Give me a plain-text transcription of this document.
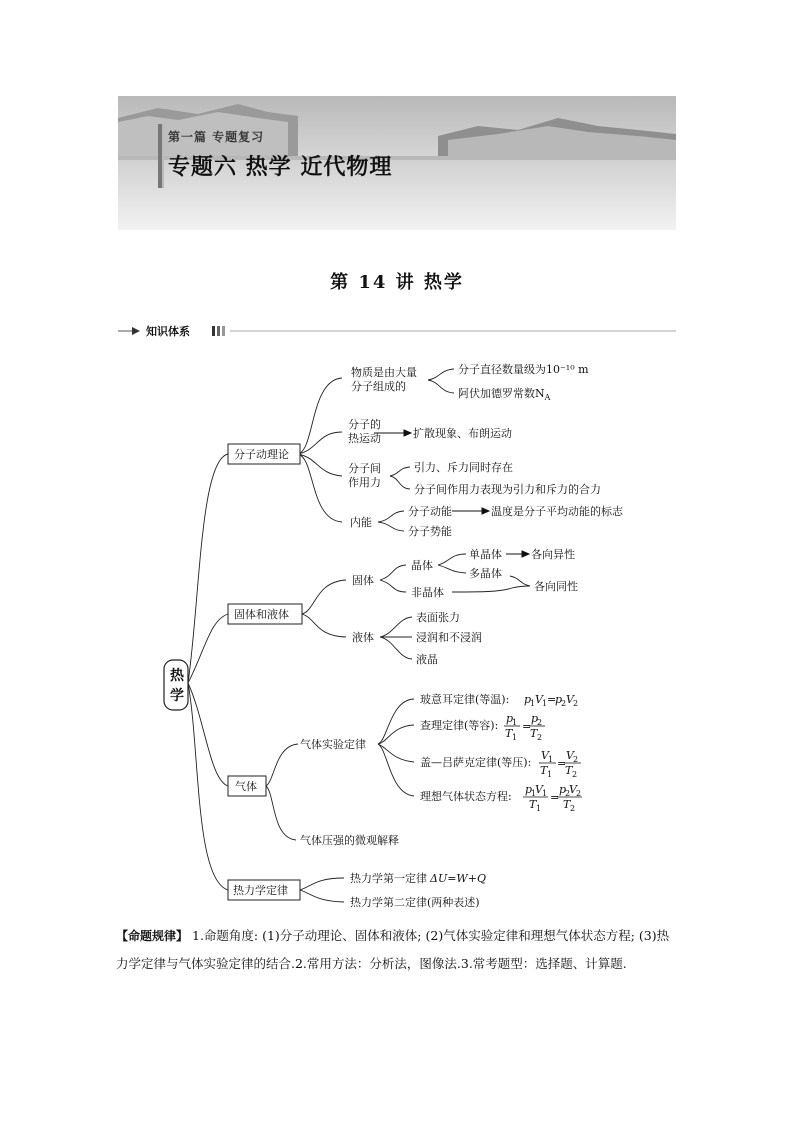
第一篇 专题复习
专题六 热学 近代物理
第 14 讲 热学
知识体系
热
学
分子动理论
固体和液体
气体
热力学定律
物质是由大量
分子组成的
分子直径数量级为10⁻¹⁰ m
阿伏加德罗常数$N_A$
分子的
热运动	扩散现象、布朗运动
分子间
作用力
引力、斥力同时存在
分子间作用力表现为引力和斥力的合力
内能
分子动能	温度是分子平均动能的标志
分子势能
固体
晶体
单晶体	各向异性
多晶体
非晶体	各向同性
液体
表面张力
浸润和不浸润
液晶
气体实验定律
玻意耳定律(等温): p
1 V 1 =
p
2 V 2
查理定律(等容):
p
1
T 1
=
p
2
T 2
盖—吕萨克定律(等压):
V 1
T 1
=
V 2
T 2
理想气体状态方程:
p
1
V 1
T 1
=
p
2
V 2
T 2
气体压强的微观解释
热力学第一定律 ΔU=W+Q
热力学第二定律(两种表述)
【命题规律】 1.命题角度: (1)分子动理论、固体和液体; (2)气体实验定律和理想气体状态方程; (3)热力学定律与气体实验定律的结合.2.常用方法：分析法，图像法.3.常考题型：选择题、计算题.
